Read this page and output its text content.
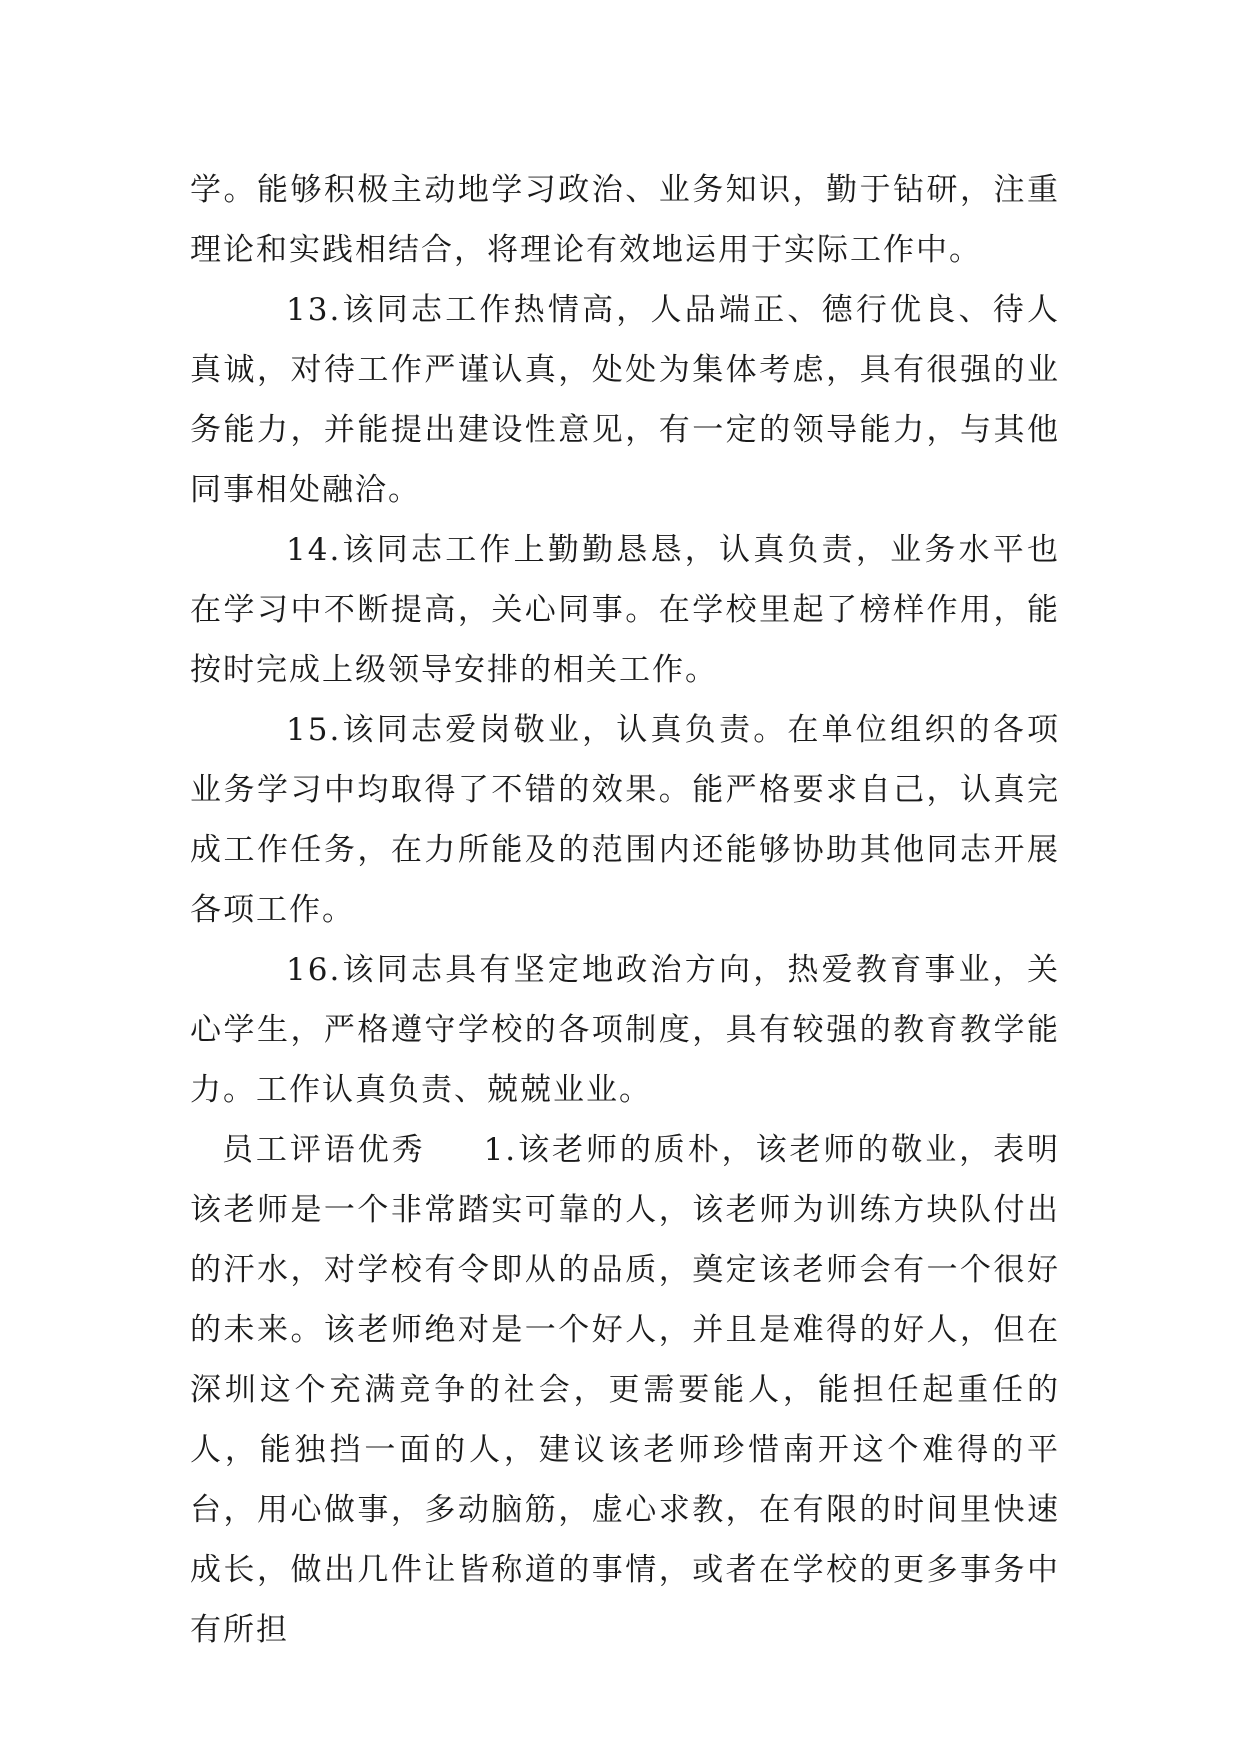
学。能够积极主动地学习政治、业务知识，勤于钻研，注重理论和实践相结合，将理论有效地运用于实际工作中。

13.该同志工作热情高，人品端正、德行优良、待人真诚，对待工作严谨认真，处处为集体考虑，具有很强的业务能力，并能提出建设性意见，有一定的领导能力，与其他同事相处融洽。

14.该同志工作上勤勤恳恳，认真负责，业务水平也在学习中不断提高，关心同事。在学校里起了榜样作用，能按时完成上级领导安排的相关工作。

15.该同志爱岗敬业，认真负责。在单位组织的各项业务学习中均取得了不错的效果。能严格要求自己，认真完成工作任务，在力所能及的范围内还能够协助其他同志开展各项工作。

16.该同志具有坚定地政治方向，热爱教育事业，关心学生，严格遵守学校的各项制度，具有较强的教育教学能力。工作认真负责、兢兢业业。

员工评语优秀 1.该老师的质朴，该老师的敬业，表明该老师是一个非常踏实可靠的人，该老师为训练方块队付出的汗水，对学校有令即从的品质，奠定该老师会有一个很好的未来。该老师绝对是一个好人，并且是难得的好人，但在深圳这个充满竞争的社会，更需要能人，能担任起重任的人，能独挡一面的人，建议该老师珍惜南开这个难得的平台，用心做事，多动脑筋，虚心求教，在有限的时间里快速成长，做出几件让皆称道的事情，或者在学校的更多事务中有所担
